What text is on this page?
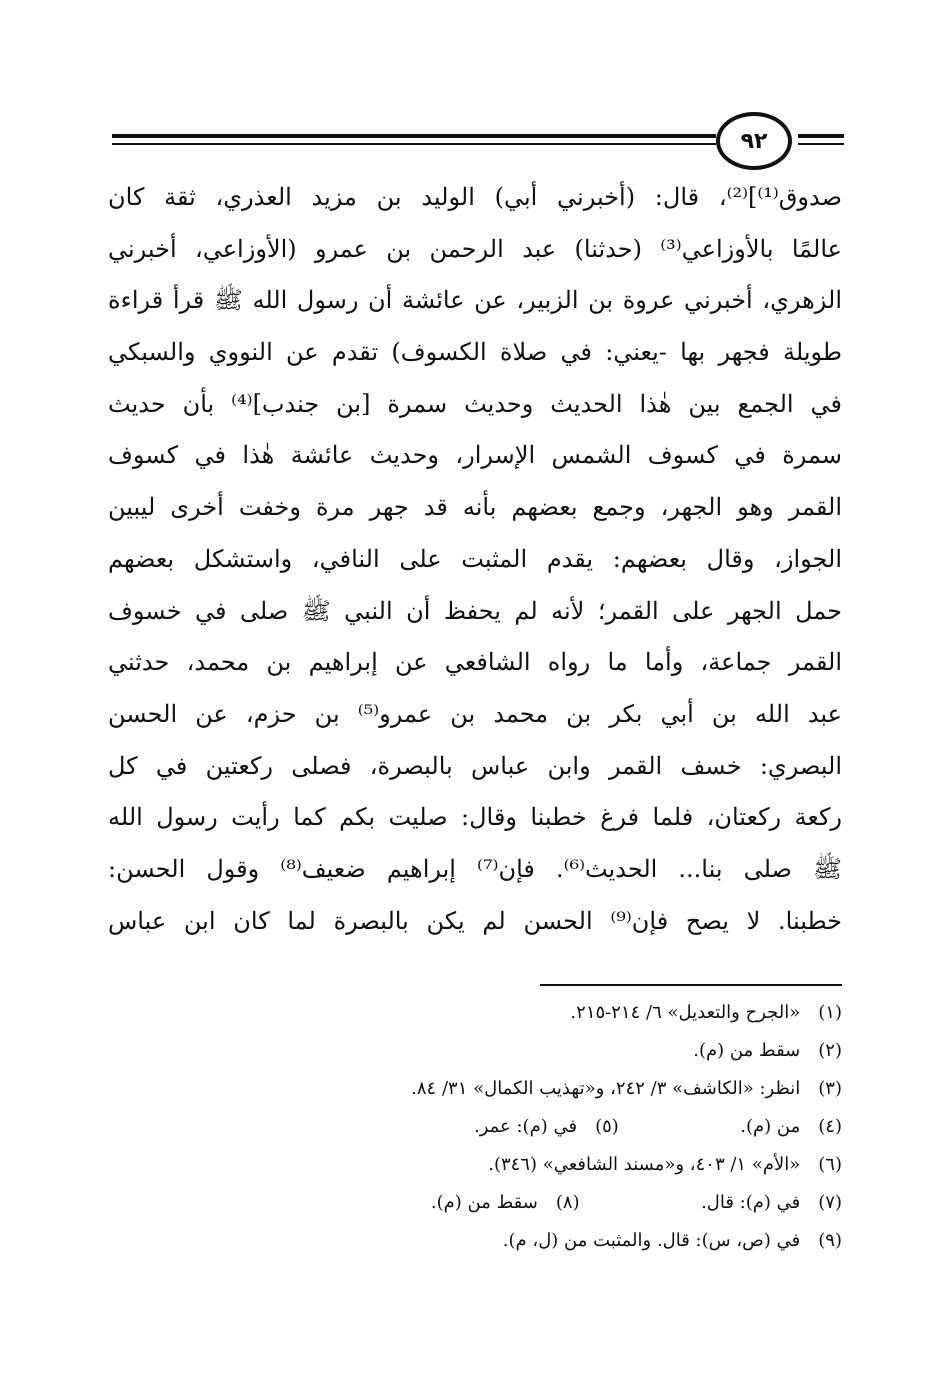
٩٢
صدوق⁽¹⁾]⁽²⁾، قال: (أخبرني أبي) الوليد بن مزيد العذري، ثقة كان
عالمًا بالأوزاعي⁽³⁾ (حدثنا) عبد الرحمن بن عمرو (الأوزاعي، أخبرني
الزهري، أخبرني عروة بن الزبير، عن عائشة أن رسول الله ﷺ قرأ قراءة
طويلة فجهر بها -يعني: في صلاة الكسوف) تقدم عن النووي والسبكي
في الجمع بين هٰذا الحديث وحديث سمرة [بن جندب]⁽⁴⁾ بأن حديث
سمرة في كسوف الشمس الإسرار، وحديث عائشة هٰذا في كسوف
القمر وهو الجهر، وجمع بعضهم بأنه قد جهر مرة وخفت أخرى ليبين
الجواز، وقال بعضهم: يقدم المثبت على النافي، واستشكل بعضهم
حمل الجهر على القمر؛ لأنه لم يحفظ أن النبي ﷺ صلى في خسوف
القمر جماعة، وأما ما رواه الشافعي عن إبراهيم بن محمد، حدثني
عبد الله بن أبي بكر بن محمد بن عمرو⁽⁵⁾ بن حزم، عن الحسن
البصري: خسف القمر وابن عباس بالبصرة، فصلى ركعتين في كل
ركعة ركعتان، فلما فرغ خطبنا وقال: صليت بكم كما رأيت رسول الله
ﷺ صلى بنا... الحديث⁽⁶⁾. فإن⁽⁷⁾ إبراهيم ضعيف⁽⁸⁾ وقول الحسن:
خطبنا. لا يصح فإن⁽⁹⁾ الحسن لم يكن بالبصرة لما كان ابن عباس
(١) «الجرح والتعديل» ٦/ ٢١٤-٢١٥.
(٢) سقط من (م).
(٣) انظر: «الكاشف» ٣/ ٢٤٢، و«تهذيب الكمال» ٣١/ ٨٤.
(٤) من (م).  (٥) في (م): عمر.
(٦) «الأم» ١/ ٤٠٣، و«مسند الشافعي» (٣٤٦).
(٧) في (م): قال.  (٨) سقط من (م).
(٩) في (ص، س): قال. والمثبت من (ل، م).
